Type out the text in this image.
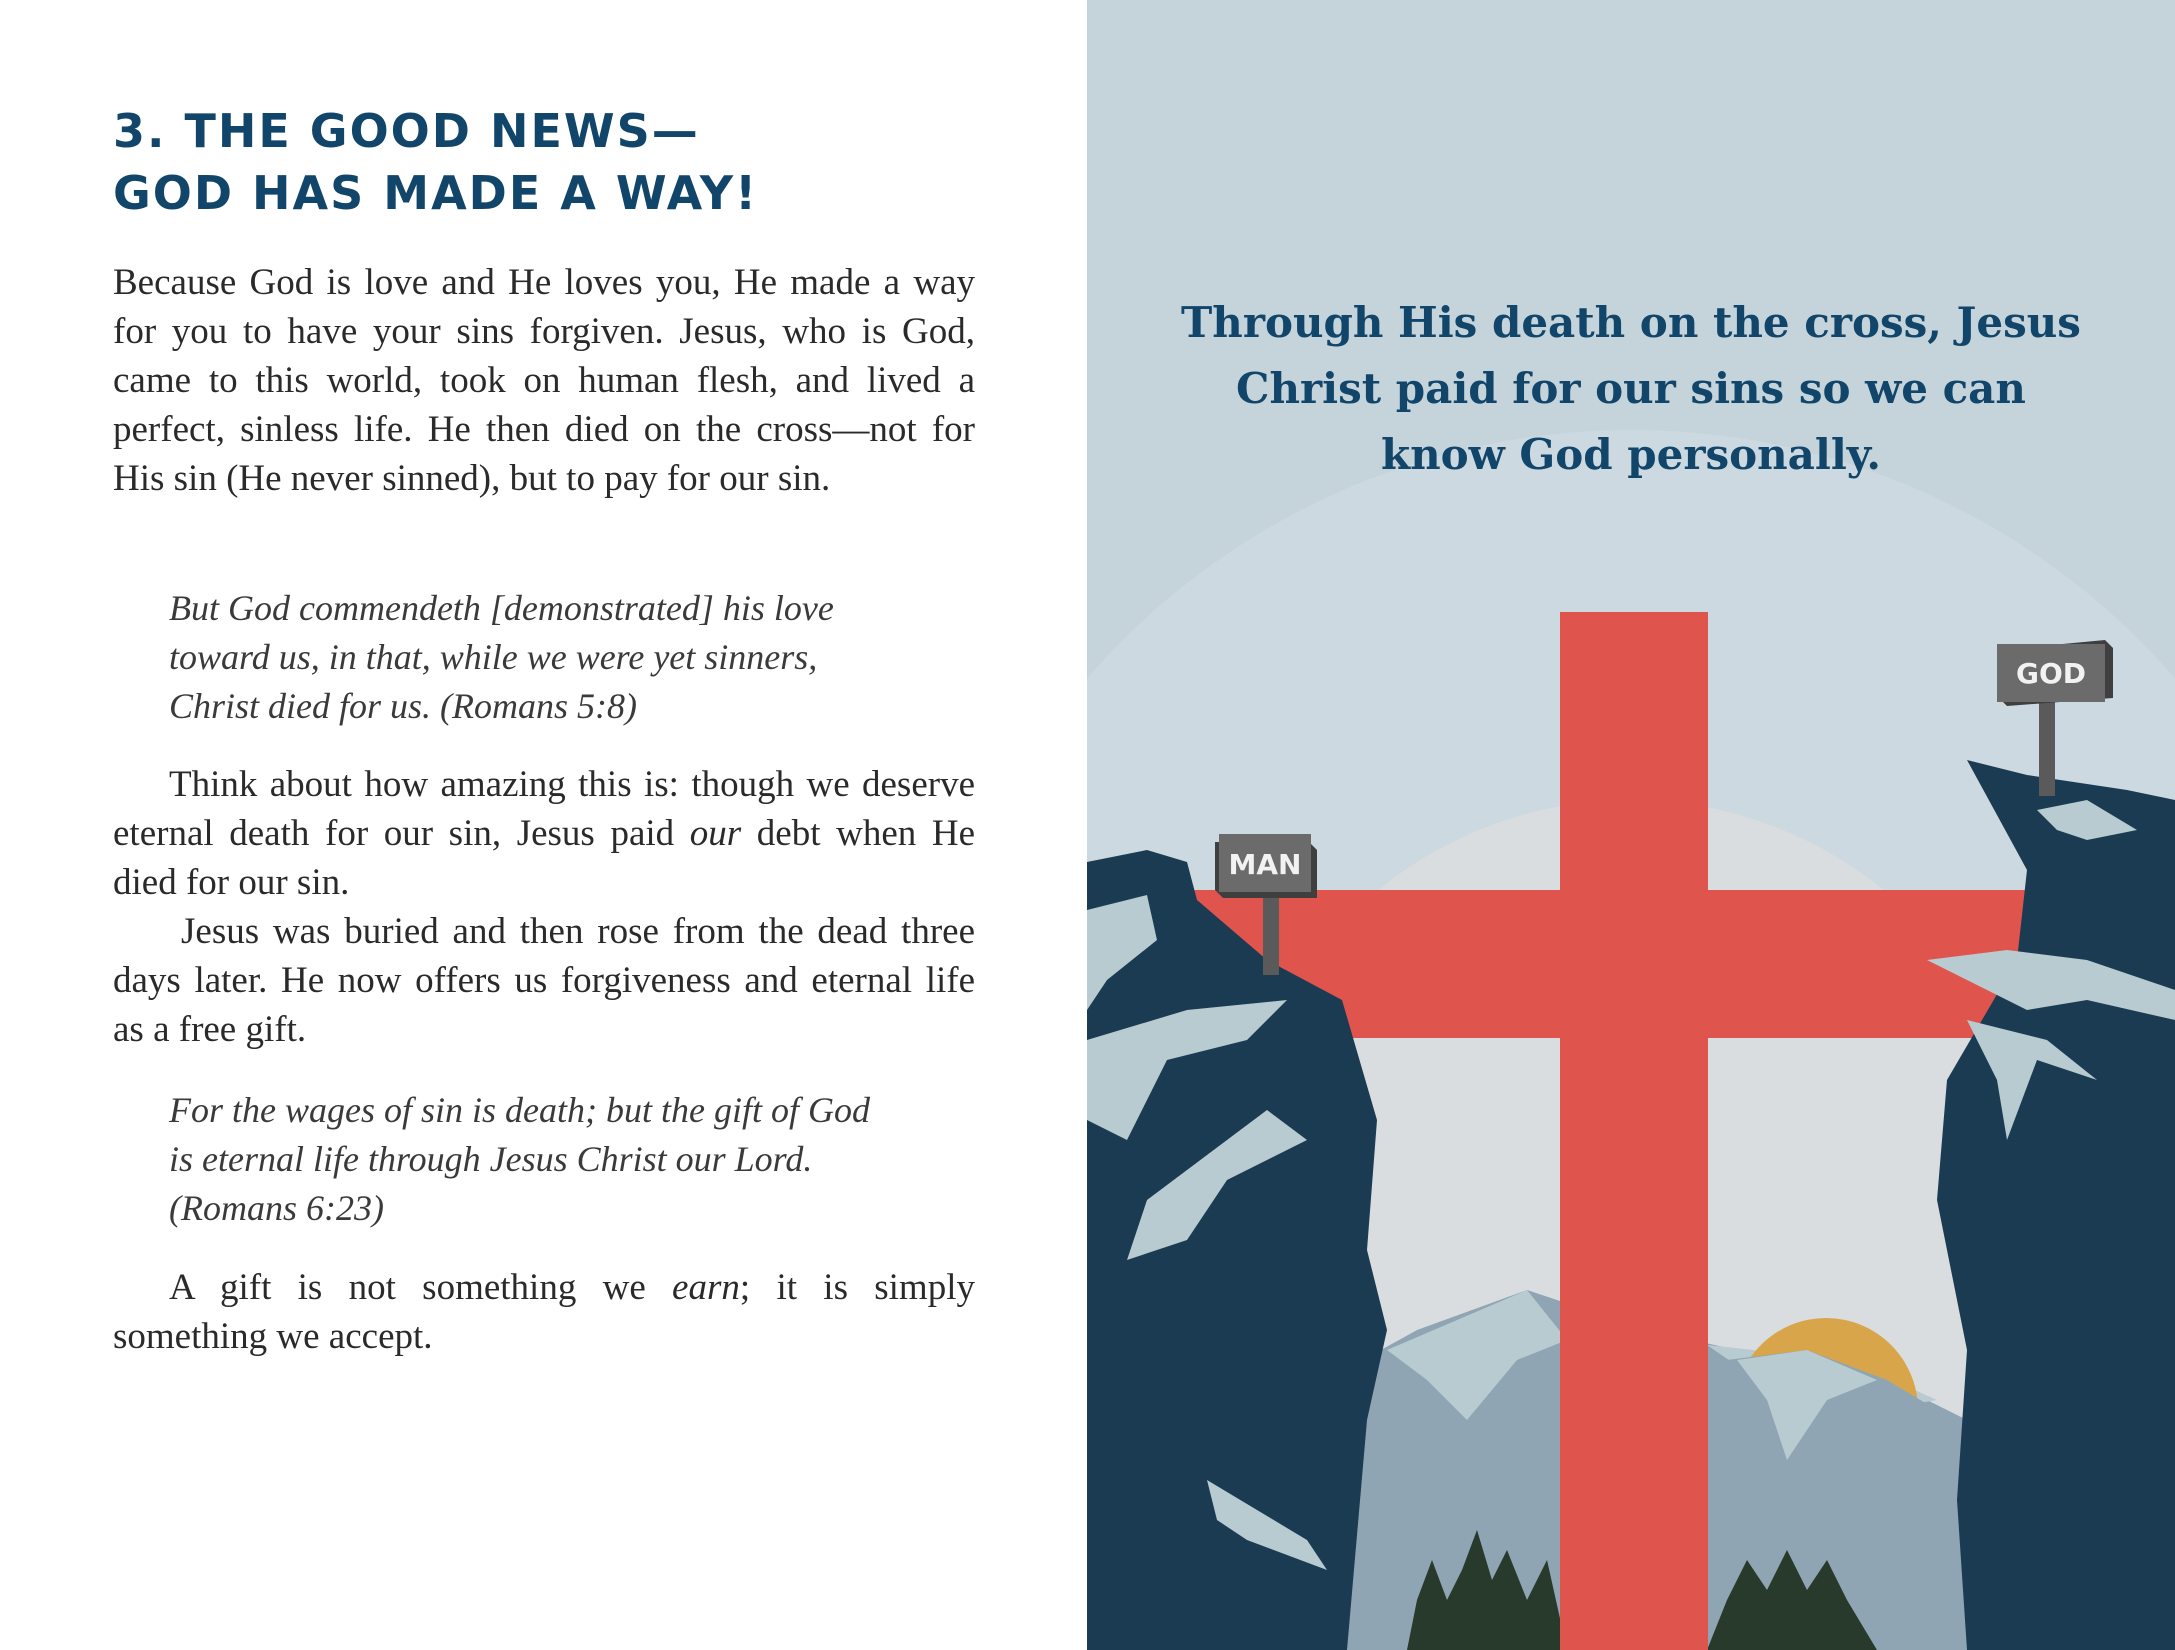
3. THE GOOD NEWS—
GOD HAS MADE A WAY!

Because God is love and He loves you, He made a way for you to have your sins forgiven. Jesus, who is God, came to this world, took on human flesh, and lived a perfect, sinless life. He then died on the cross—not for His sin (He never sinned), but to pay for our sin.

But God commendeth [demonstrated] his love
toward us, in that, while we were yet sinners,
Christ died for us. (Romans 5:8)

Think about how amazing this is: though we deserve eternal death for our sin, Jesus paid our debt when He died for our sin.

Jesus was buried and then rose from the dead three days later. He now offers us forgiveness and eternal life as a free gift.

For the wages of sin is death; but the gift of God
is eternal life through Jesus Christ our Lord.
(Romans 6:23)

A gift is not something we earn; it is simply something we accept.

MAN
GOD

Through His death on the cross, Jesus
Christ paid for our sins so we can
know God personally.
